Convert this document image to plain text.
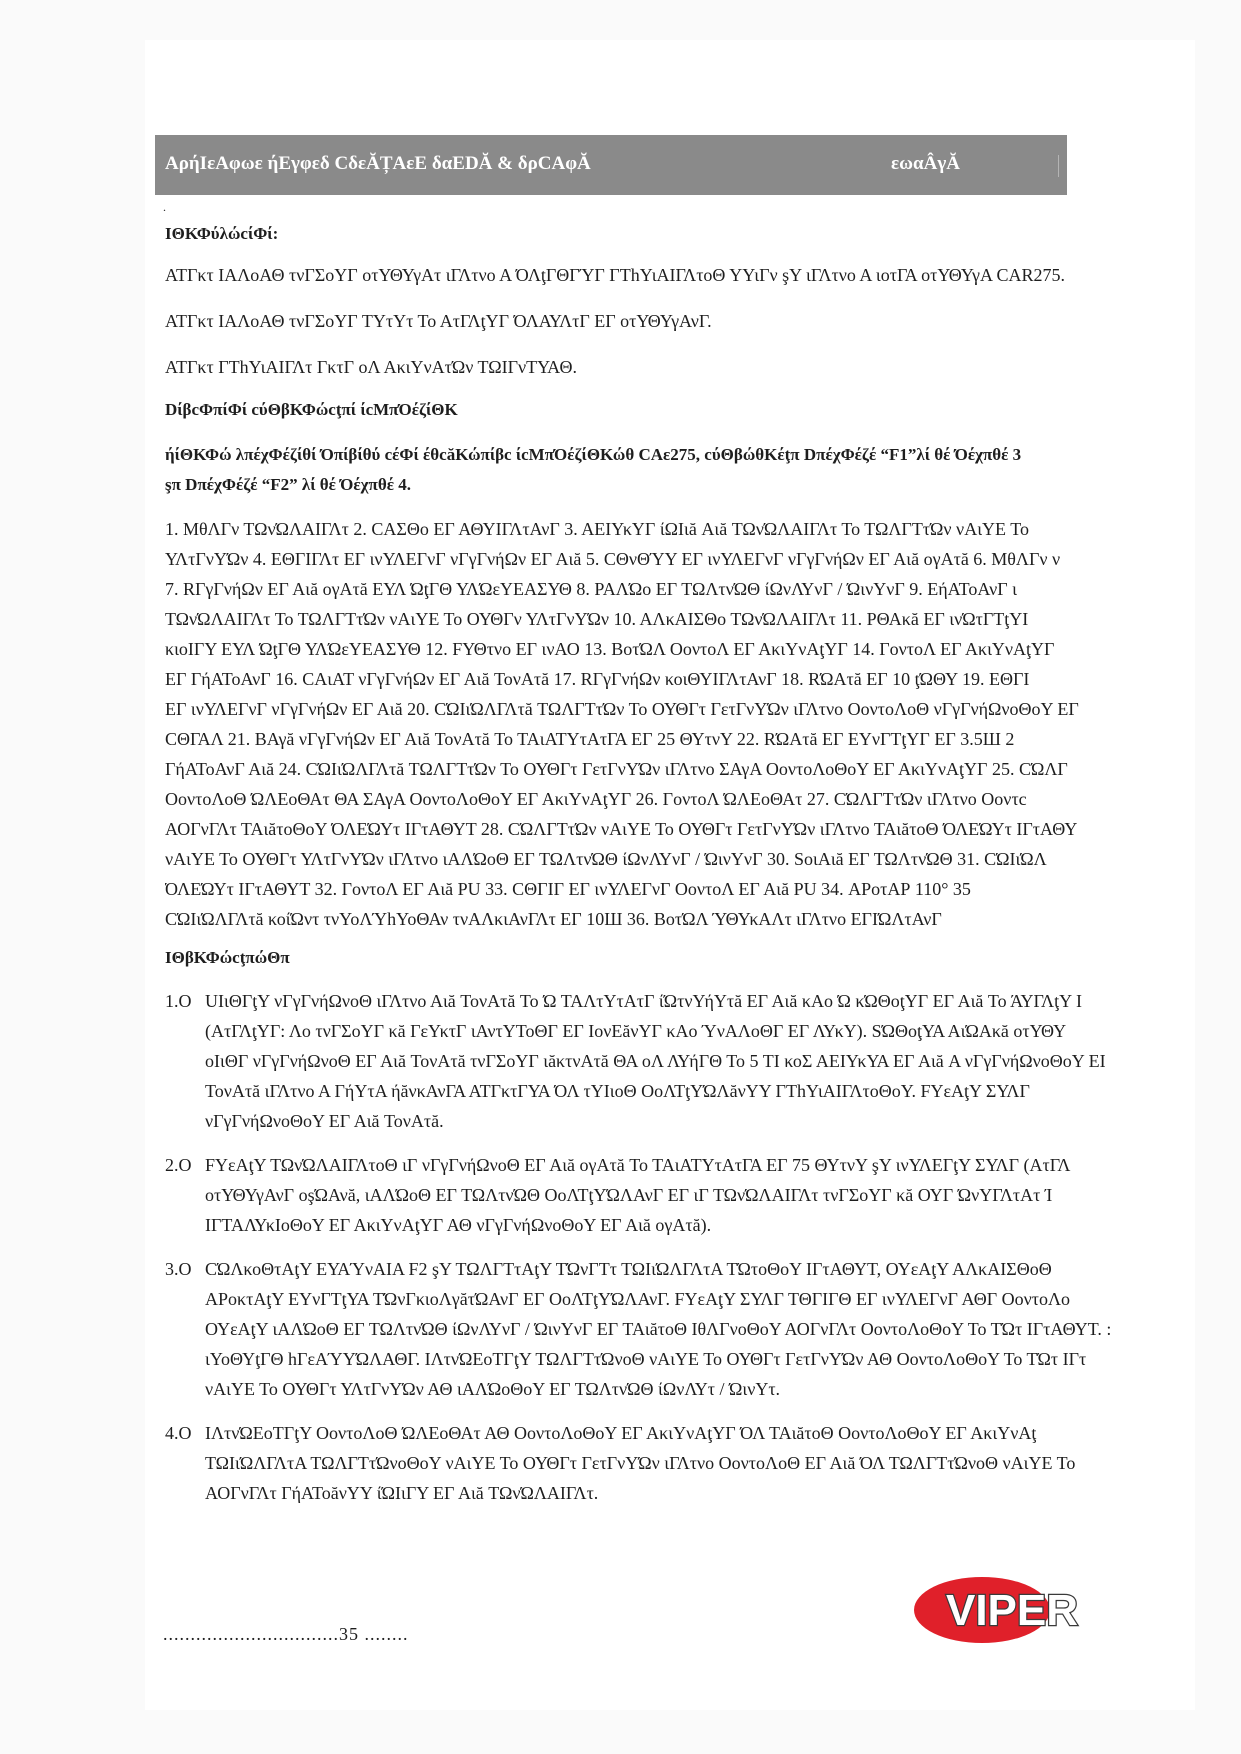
ΑρήΙεΑφωε ήΕγφεδ CδεĂȚΑεΕ δαΕDĂ & δρCΑφĂ	εωαÂγĂ
.

ΙΘΚΦύλώcίΦί:

ΑΤΓκτ ΙΑΛοΑΘ τνΓΣοΥΓ οτΥΘΥγΑτ ιΓΛτνο Α ΌΛţΓΘΓΎΓ ΓΤhΥιΑΙΓΛτοΘ ΥΥιΓν şΥ ιΓΛτνο Α ιοτΓΑ οτΥΘΥγΑ CAR275.

ΑΤΓκτ ΙΑΛοΑΘ τνΓΣοΥΓ ΤΥτΥτ Το ΑτΓΛţΥΓ ΌΛΑΥΛτΓ ΕΓ οτΥΘΥγΑνΓ.

ΑΤΓκτ ΓΤhΥιΑΙΓΛτ ΓκτΓ οΛ ΑκιΥνΑτΏν ΤΩΙΓνΤΥΑΘ.

DίβcΦπίΦί cύΘβΚΦώcţπί ίcΜπΌέζίΘΚ

ήίΘΚΦώ λπέχΦέζίθί Όπίβίθύ cέΦί έθcăΚώπίβc ίcΜπΌέζίΘΚώθ CAε275, cύΘβώθΚέţπ DπέχΦέζέ “F1”λί θέ Όέχπθέ 3

şπ DπέχΦέζέ “F2” λί θέ Όέχπθέ 4.

1. ΜθΛΓν ΤΩνΏΛΑΙΓΛτ 2. CΑΣΘο ΕΓ ΑΘΥΙΓΛτΑνΓ 3. ΑΕΙΥκΥΓ ίΩΙιă Αιă ΤΩνΏΛΑΙΓΛτ Το ΤΩΛΓΤτΏν νΑιΥΕ Το

ΥΛτΓνΥΏν 4. ΕΘΓΙΓΛτ ΕΓ ινΥΛΕΓνΓ νΓγΓνήΩν ΕΓ Αιă 5. CΘνΘΎΥ ΕΓ ινΥΛΕΓνΓ νΓγΓνήΩν ΕΓ Αιă ογΑτă 6. ΜθΛΓν ν

7. RΓγΓνήΩν ΕΓ Αιă ογΑτă ΕΥΛ ΏţΓΘ ΥΛΏεΥΕΑΣΥΘ 8. ΡΑΛΏο ΕΓ ΤΩΛτνΏΘ ίΩνΛΥνΓ / ΏινΥνΓ 9. ΕήΑΤοΑνΓ ι

ΤΩνΏΛΑΙΓΛτ Το ΤΩΛΓΤτΏν νΑιΥΕ Το ΟΥΘΓν ΥΛτΓνΥΏν 10. ΑΛκΑΙΣΘο ΤΩνΏΛΑΙΓΛτ 11. ΡΘΑκă ΕΓ ινΏτΓΤţΥΙ

κιοΙΓΥ ΕΥΛ ΏţΓΘ ΥΛΏεΥΕΑΣΥΘ 12. FΥΘτνο ΕΓ ινΑΟ 13. ΒοτΏΛ ΟοντοΛ ΕΓ ΑκιΥνΑţΥΓ 14. ΓοντοΛ ΕΓ ΑκιΥνΑţΥΓ

ΕΓ ΓήΑΤοΑνΓ 16. CΑιΑΤ νΓγΓνήΩν ΕΓ Αιă ΤονΑτă 17. RΓγΓνήΩν κοιΘΥΙΓΛτΑνΓ 18. RΏΑτă ΕΓ 10 ţΏΘΥ 19. ΕΘΓΙ

ΕΓ ινΥΛΕΓνΓ νΓγΓνήΩν ΕΓ Αιă 20. CΏΙιΏΛΓΛτă ΤΩΛΓΤτΏν Το ΟΥΘΓτ ΓετΓνΥΏν ιΓΛτνο ΟοντοΛοΘ νΓγΓνήΩνοΘοΥ ΕΓ

CΘΓΑΛ 21. ΒΑγă νΓγΓνήΩν ΕΓ Αιă ΤονΑτă Το ΤΑιΑΤΥτΑτΓΑ ΕΓ 25 ΘΥτνΥ 22. RΏΑτă ΕΓ ΕΥνΓΤţΥΓ ΕΓ 3.5Ш 2

ΓήΑΤοΑνΓ Αιă 24. CΏΙιΏΛΓΛτă ΤΩΛΓΤτΏν Το ΟΥΘΓτ ΓετΓνΥΏν ιΓΛτνο ΣΑγΑ ΟοντοΛοΘοΥ ΕΓ ΑκιΥνΑţΥΓ 25. CΏΛΓ

ΟοντοΛοΘ ΏΛΕοΘΑτ ΘΑ ΣΑγΑ ΟοντοΛοΘοΥ ΕΓ ΑκιΥνΑţΥΓ 26. ΓοντοΛ ΏΛΕοΘΑτ 27. CΏΛΓΤτΏν ιΓΛτνο Οοντc

ΑΟΓνΓΛτ ΤΑιăτοΘοΥ ΌΛΕΏΥτ ΙΓτΑΘΥΤ 28. CΏΛΓΤτΏν νΑιΥΕ Το ΟΥΘΓτ ΓετΓνΥΏν ιΓΛτνο ΤΑιăτοΘ ΌΛΕΏΥτ ΙΓτΑΘΥ

νΑιΥΕ Το ΟΥΘΓτ ΥΛτΓνΥΏν ιΓΛτνο ιΑΛΏοΘ ΕΓ ΤΩΛτνΏΘ ίΩνΛΥνΓ / ΏινΥνΓ 30. SοιΑιă ΕΓ ΤΩΛτνΏΘ 31. CΏΙιΏΛ

ΌΛΕΏΥτ ΙΓτΑΘΥΤ 32. ΓοντοΛ ΕΓ Αιă PU 33. CΘΓΙΓ ΕΓ ινΥΛΕΓνΓ ΟοντοΛ ΕΓ Αιă PU 34. ΑΡοτΑΡ 110° 35

CΏΙιΏΛΓΛτă κοίΏντ τνΥοΛΎhΥοΘΑν τνΑΛκιΑνΓΛτ ΕΓ 10Ш 36. ΒοτΏΛ ΎΘΥκΑΛτ ιΓΛτνο ΕΓΙΏΛτΑνΓ

ΙΘβΚΦώcţπώΘπ

1.O UΙιΘΓţΥ νΓγΓνήΩνοΘ ιΓΛτνο Αιă ΤονΑτă Το Ώ ΤΑΛτΥτΑτΓ ίΏτνΥήΥτă ΕΓ Αιă κΑο Ώ κΏΘοţΥΓ ΕΓ Αιă Το ΆΥΓΛţΥ Ι

(ΑτΓΛţΥΓ: Λο τνΓΣοΥΓ κă ΓεΥκτΓ ιΑντΥΤοΘΓ ΕΓ ΙονΕăνΥΓ κΑο ΎνΑΛοΘΓ ΕΓ ΛΥκΥ). SΏΘοţΥΑ ΑιΏΑκă οτΥΘΥ

οΙιΘΓ νΓγΓνήΩνοΘ ΕΓ Αιă ΤονΑτă τνΓΣοΥΓ ιăκτνΑτă ΘΑ οΛ ΛΥήΓΘ Το 5 ΤΙ κοΣ ΑΕΙΥκΥΑ ΕΓ Αιă Α νΓγΓνήΩνοΘοΥ ΕΙ

ΤονΑτă ιΓΛτνο Α ΓήΥτΑ ήăνκΑνΓΑ ΑΤΓκτΓΥΑ ΌΛ τΥΙιοΘ ΟοΛΤţΥΏΛăνΥΥ ΓΤhΥιΑΙΓΛτοΘοΥ. FΥεΑţΥ ΣΥΛΓ

νΓγΓνήΩνοΘοΥ ΕΓ Αιă ΤονΑτă.

2.O FΥεΑţΥ ΤΩνΏΛΑΙΓΛτοΘ ιΓ νΓγΓνήΩνοΘ ΕΓ Αιă ογΑτă Το ΤΑιΑΤΥτΑτΓΑ ΕΓ 75 ΘΥτνΥ şΥ ινΥΛΕΓţΥ ΣΥΛΓ (ΑτΓΛ

οτΥΘΥγΑνΓ οşΏΑνă, ιΑΛΏοΘ ΕΓ ΤΩΛτνΏΘ ΟοΛΤţΥΏΛΑνΓ ΕΓ ιΓ ΤΩνΏΛΑΙΓΛτ τνΓΣοΥΓ κă ΟΥΓ ΏνΥΓΛτΑτ Ί

ΙΓΤΑΛΥκΙοΘοΥ ΕΓ ΑκιΥνΑţΥΓ ΑΘ νΓγΓνήΩνοΘοΥ ΕΓ Αιă ογΑτă).

3.O CΏΛκοΘτΑţΥ ΕΥΑΎνΑΙΑ F2 şΥ ΤΩΛΓΤτΑţΥ ΤΏνΓΤτ ΤΩΙιΏΛΓΛτΑ ΤΏτοΘοΥ ΙΓτΑΘΥΤ, ΟΥεΑţΥ ΑΛκΑΙΣΘοΘ

ΑΡοκτΑţΥ ΕΥνΓΤţΥΑ ΤΏνΓκιοΛγăτΏΑνΓ ΕΓ ΟοΛΤţΥΏΛΑνΓ. FΥεΑţΥ ΣΥΛΓ ΤΘΓΙΓΘ ΕΓ ινΥΛΕΓνΓ ΑΘΓ ΟοντοΛο

ΟΥεΑţΥ ιΑΛΏοΘ ΕΓ ΤΩΛτνΏΘ ίΩνΛΥνΓ / ΏινΥνΓ ΕΓ ΤΑιăτοΘ ΙθΛΓνοΘοΥ ΑΟΓνΓΛτ ΟοντοΛοΘοΥ Το ΤΏτ ΙΓτΑΘΥΤ. :

ιΥοΘΥţΓΘ hΓεΑΎΥΏΛΑΘΓ. ΙΛτνΏΕοΤΓţΥ ΤΩΛΓΤτΏνοΘ νΑιΥΕ Το ΟΥΘΓτ ΓετΓνΥΏν ΑΘ ΟοντοΛοΘοΥ Το ΤΏτ ΙΓτ

νΑιΥΕ Το ΟΥΘΓτ ΥΛτΓνΥΏν ΑΘ ιΑΛΏοΘοΥ ΕΓ ΤΩΛτνΏΘ ίΩνΛΥτ / ΏινΥτ.

4.O ΙΛτνΏΕοΤΓţΥ ΟοντοΛοΘ ΏΛΕοΘΑτ ΑΘ ΟοντοΛοΘοΥ ΕΓ ΑκιΥνΑţΥΓ ΌΛ ΤΑιăτοΘ ΟοντοΛοΘοΥ ΕΓ ΑκιΥνΑţ

ΤΩΙιΏΛΓΛτΑ ΤΩΛΓΤτΏνοΘοΥ νΑιΥΕ Το ΟΥΘΓτ ΓετΓνΥΏν ιΓΛτνο ΟοντοΛοΘ ΕΓ Αιă ΌΛ ΤΩΛΓΤτΏνοΘ νΑιΥΕ Το

ΑΟΓνΓΛτ ΓήΑΤοăνΥΥ ίΏΙιΓΥ ΕΓ Αιă ΤΩνΏΛΑΙΓΛτ.

................................35 ........	VIPER
